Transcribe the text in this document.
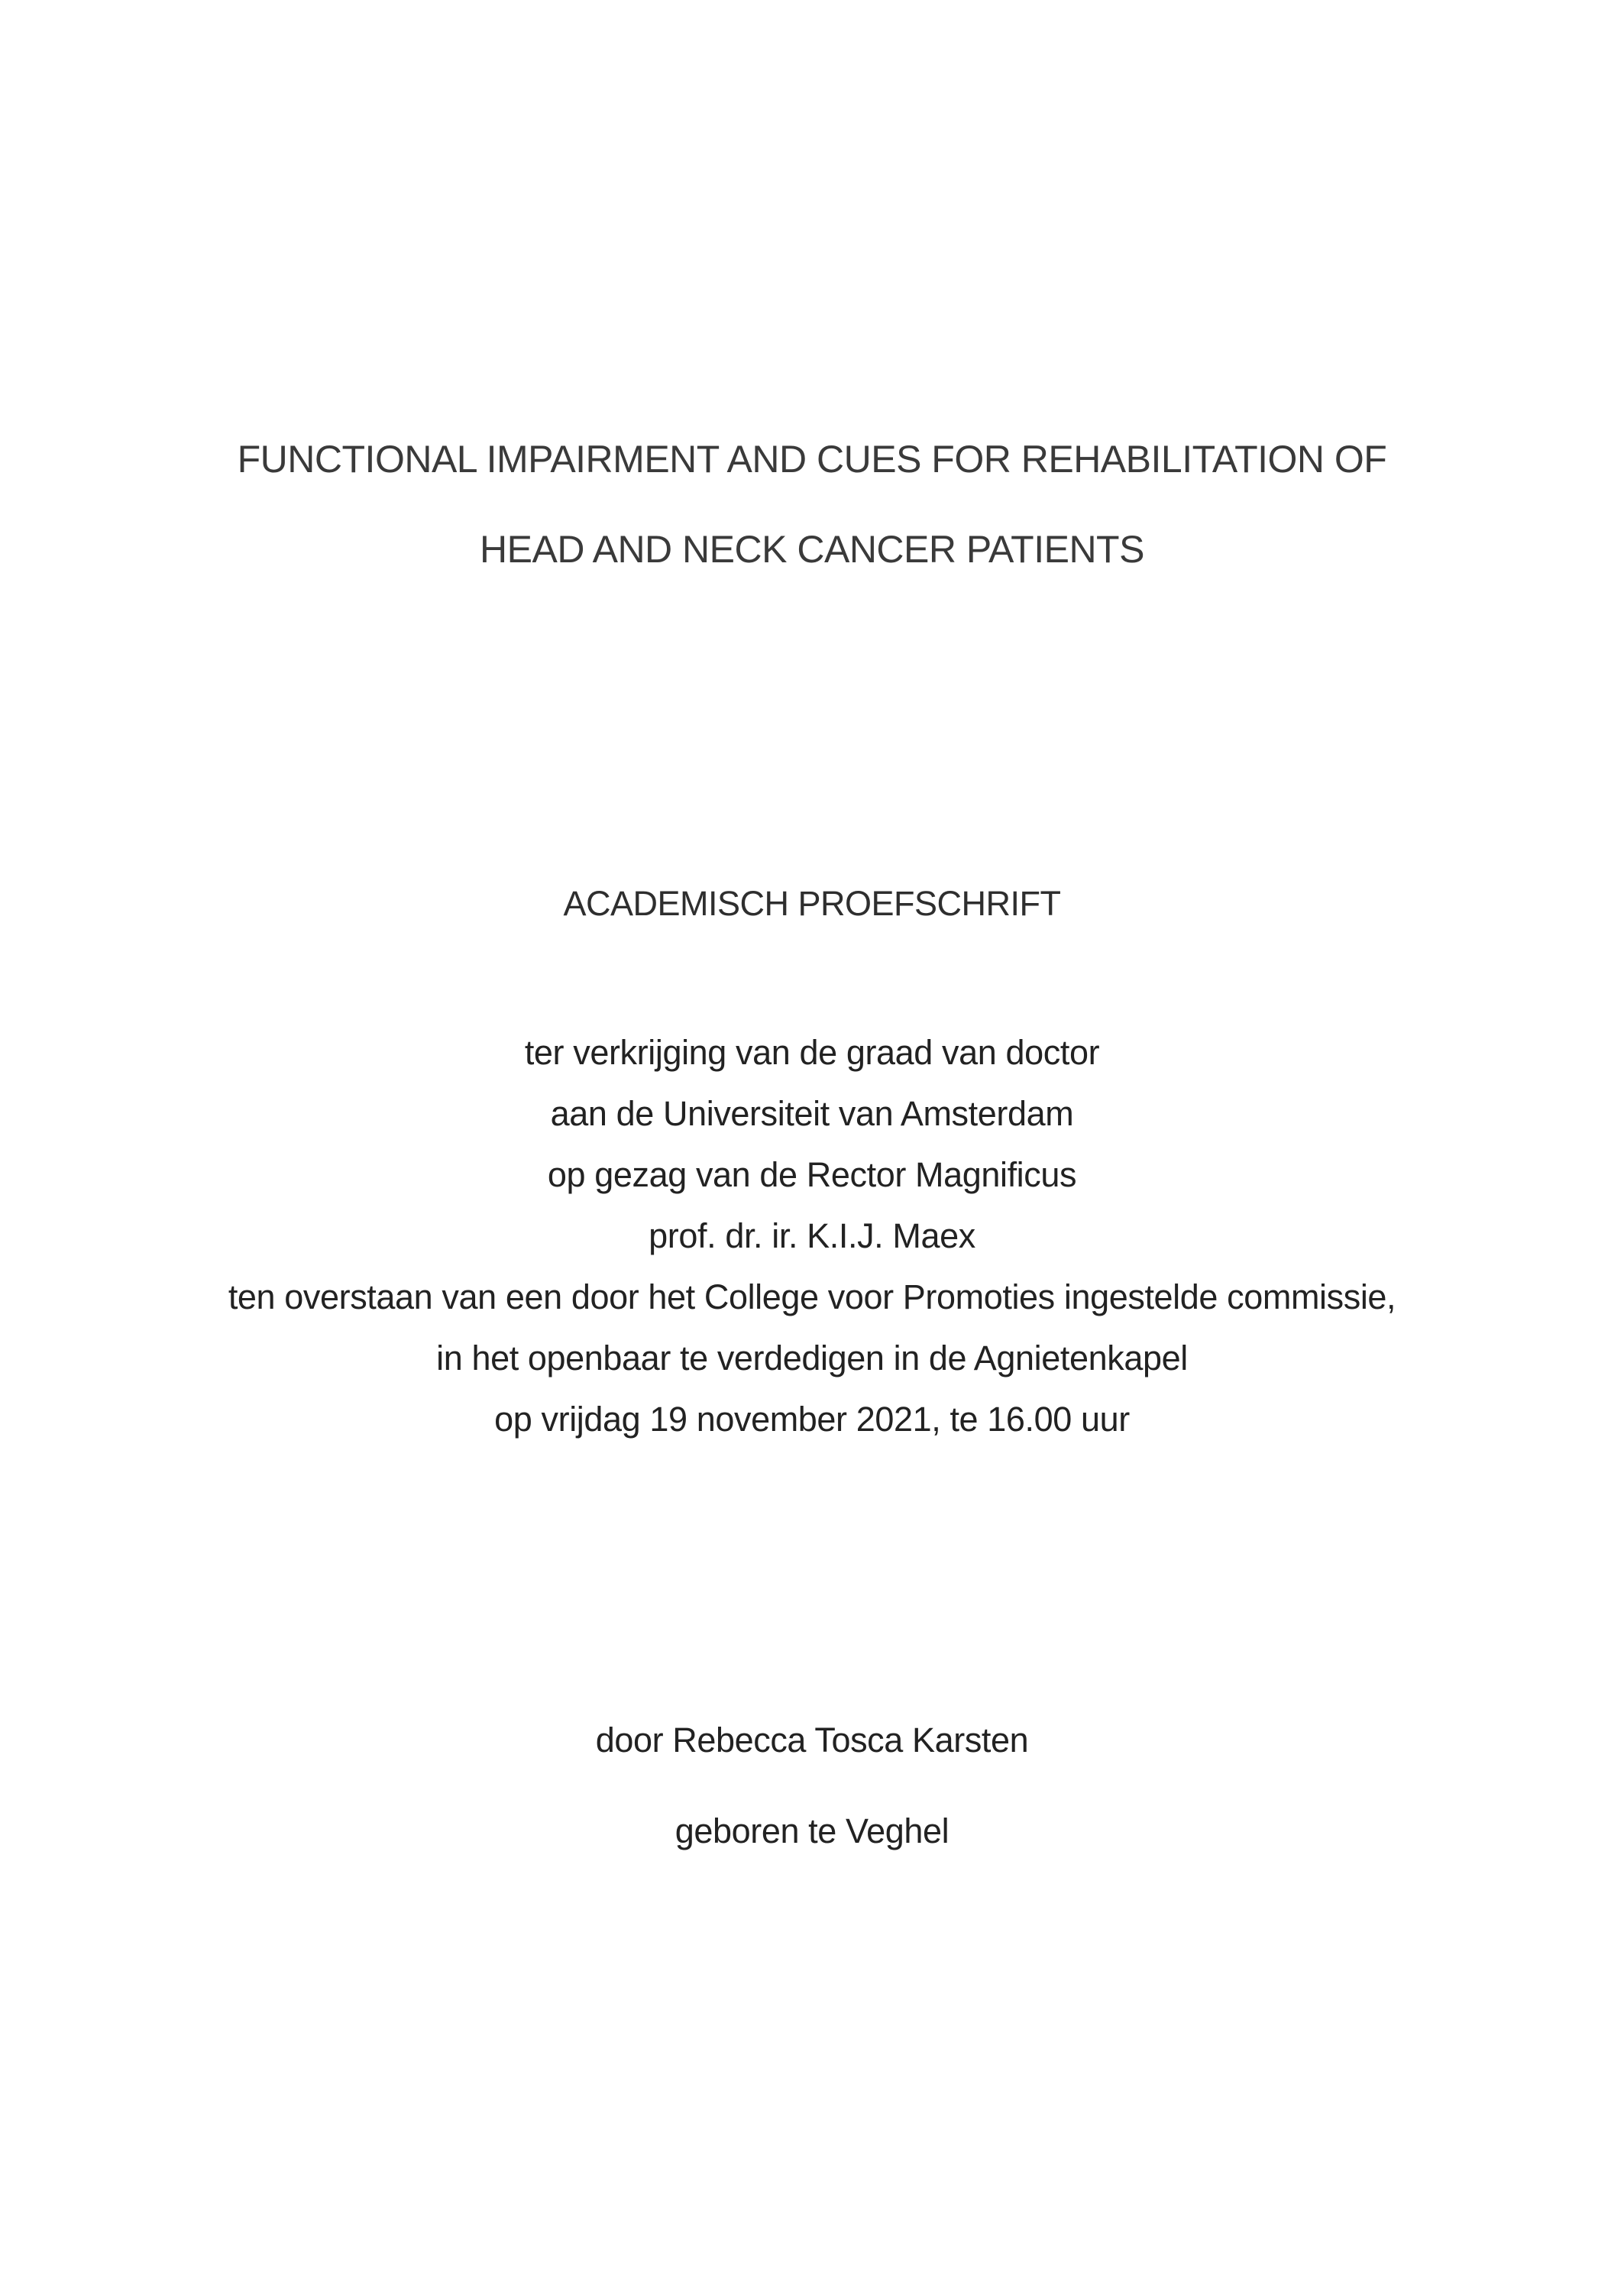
FUNCTIONAL IMPAIRMENT AND CUES FOR REHABILITATION OF
HEAD AND NECK CANCER PATIENTS
ACADEMISCH PROEFSCHRIFT
ter verkrijging van de graad van doctor
aan de Universiteit van Amsterdam
op gezag van de Rector Magnificus
prof. dr. ir. K.I.J. Maex
ten overstaan van een door het College voor Promoties ingestelde commissie,
in het openbaar te verdedigen in de Agnietenkapel
op vrijdag 19 november 2021, te 16.00 uur
door Rebecca Tosca Karsten
geboren te Veghel
